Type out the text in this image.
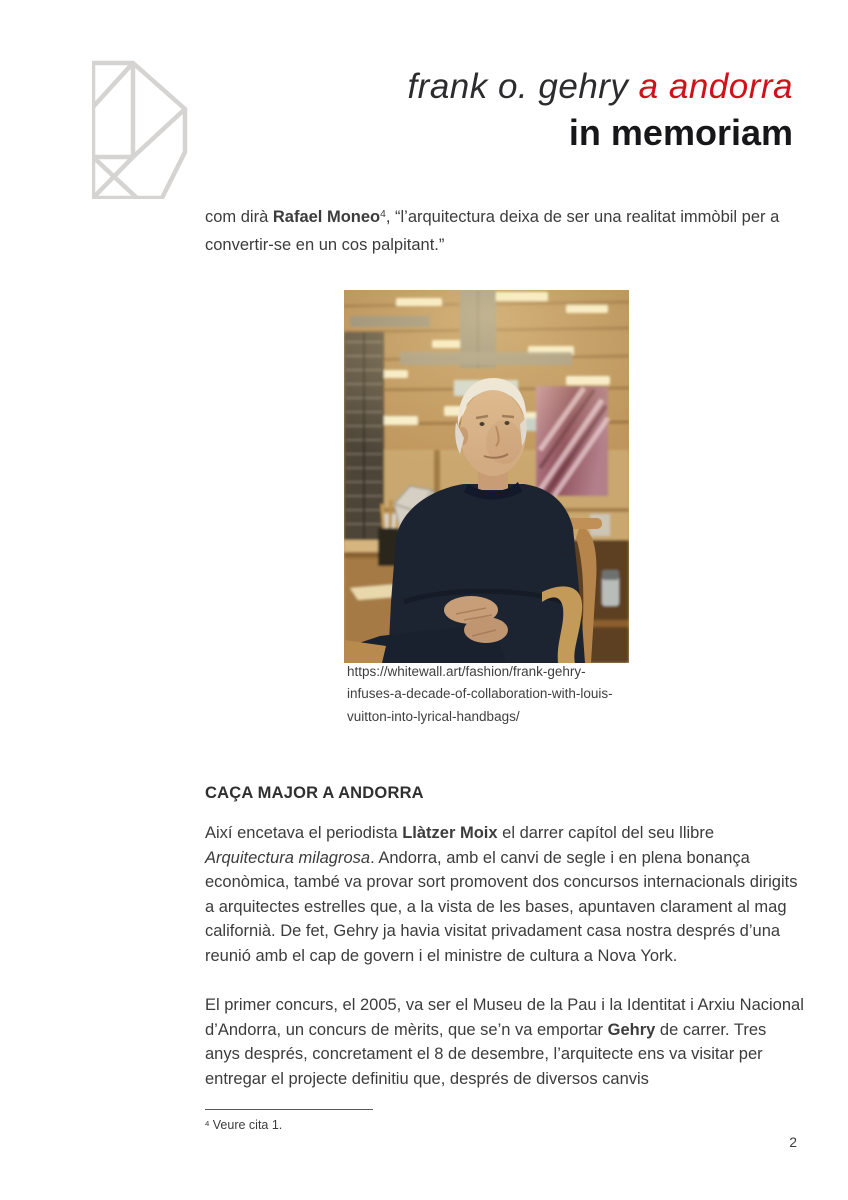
frank o. gehry a andorra
in memoriam
com dirà Rafael Moneo$^4$, “l’arquitectura deixa de ser una realitat immòbil per a convertir-se en un cos palpitant.”
https://whitewall.art/fashion/frank-gehry-
infuses-a-decade-of-collaboration-with-louis-
vuitton-into-lyrical-handbags/
CAÇA MAJOR A ANDORRA
Així encetava el periodista Llàtzer Moix el darrer capítol del seu llibre Arquitectura milagrosa. Andorra, amb el canvi de segle i en plena bonança econòmica, també va provar sort promovent dos concursos internacionals dirigits a arquitectes estrelles que, a la vista de les bases, apuntaven clarament al mag californià. De fet, Gehry ja havia visitat privadament casa nostra després d’una reunió amb el cap de govern i el ministre de cultura a Nova York.
El primer concurs, el 2005, va ser el Museu de la Pau i la Identitat i Arxiu Nacional d’Andorra, un concurs de mèrits, que se’n va emportar Gehry de carrer. Tres anys després, concretament el 8 de desembre, l’arquitecte ens va visitar per entregar el projecte definitiu que, després de diversos canvis
$^4$ Veure cita 1.
2
